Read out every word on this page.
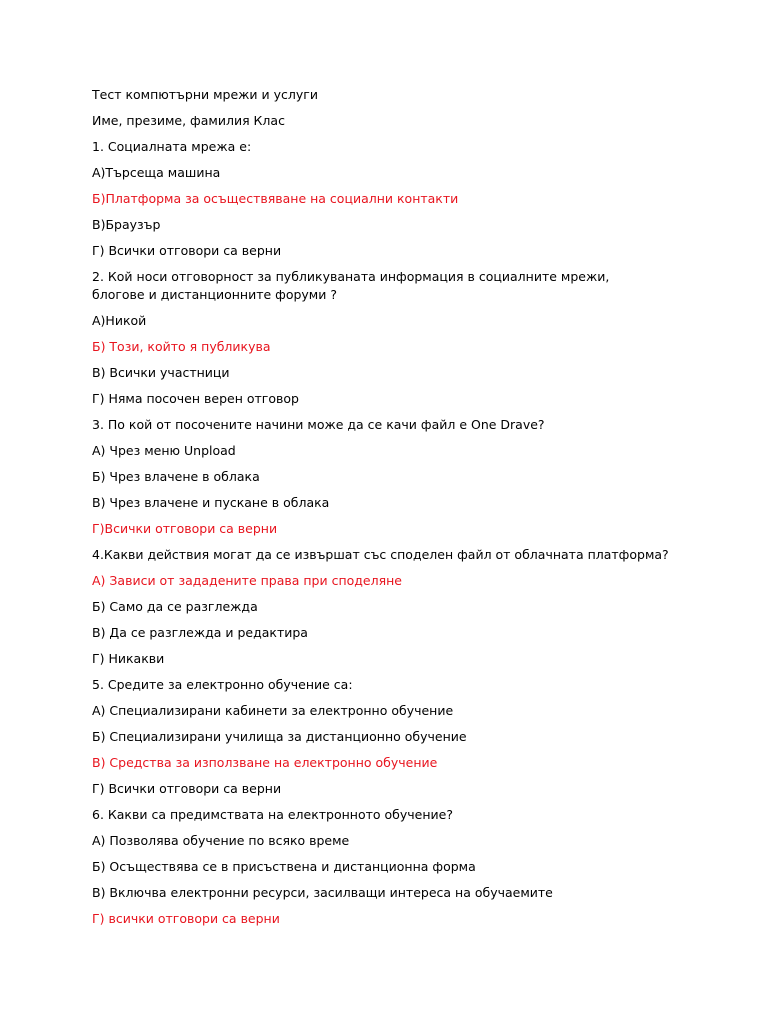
Тест компютърни мрежи и услуги

Име, презиме, фамилия Клас

1. Социалната мрежа е:

А)Търсеща машина

Б)Платформа за осъществяване на социални контакти

В)Браузър

Г) Всички отговори са верни

2. Кой носи отговорност за публикуваната информация в социалните мрежи, блогове и дистанционните форуми ?

А)Никой

Б) Този, който я публикува

В) Всички участници

Г) Няма посочен верен отговор

3. По кой от посочените начини може да се качи файл е One Drave?

А) Чрез меню Unpload

Б) Чрез влачене в облака

В) Чрез влачене и пускане в облака

Г)Всички отговори са верни

4.Какви действия могат да се извършат със споделен файл от облачната платформа?

А) Зависи от зададените права при споделяне

Б) Само да се разглежда

В) Да се разглежда и редактира

Г) Никакви

5. Средите за електронно обучение са:

А) Специализирани кабинети за електронно обучение

Б) Специализирани училища за дистанционно обучение

В) Средства за използване на електронно обучение

Г) Всички отговори са верни

6. Какви са предимствата на електронното обучение?

А) Позволява обучение по всяко време

Б) Осъществява се в присъствена и дистанционна форма

В) Включва електронни ресурси, засилващи интереса на обучаемите

Г) всички отговори са верни
